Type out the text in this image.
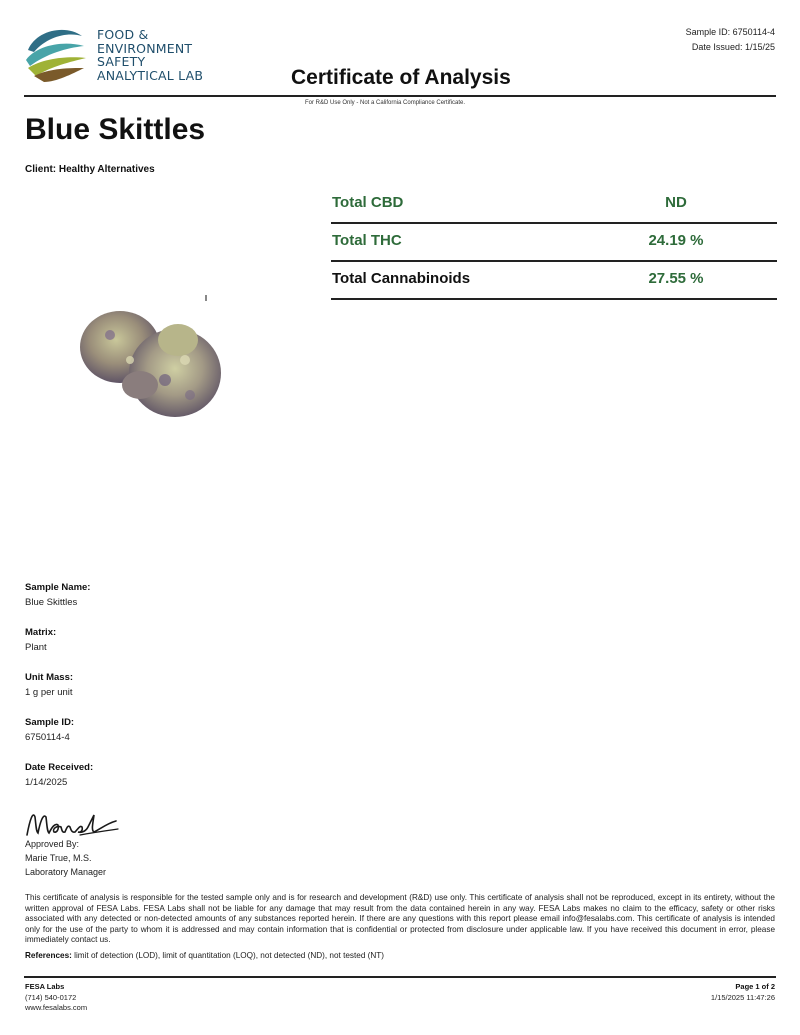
FOOD &
ENVIRONMENT
SAFETY
ANALYTICAL LAB
Sample ID: 6750114-4
Date Issued: 1/15/25
Certificate of Analysis
For R&D Use Only - Not a California Compliance Certificate.
Blue Skittles
Client: Healthy Alternatives
Total CBD	ND
Total THC	24.19 %
Total Cannabinoids	27.55 %
Sample Name:
Blue Skittles
Matrix:
Plant
Unit Mass:
1 g per unit
Sample ID:
6750114-4
Date Received:
1/14/2025
Approved By:
Marie True, M.S.
Laboratory Manager
This certificate of analysis is responsible for the tested sample only and is for research and development (R&D) use only. This certificate of analysis shall not be reproduced, except in its entirety, without the written approval of FESA Labs. FESA Labs shall not be liable for any damage that may result from the data contained herein in any way. FESA Labs makes no claim to the efficacy, safety or other risks associated with any detected or non-detected amounts of any substances reported herein. If there are any questions with this report please email info@fesalabs.com. This certificate of analysis is intended only for the use of the party to whom it is addressed and may contain information that is confidential or protected from disclosure under applicable law. If you have received this document in error, please immediately contact us.
References: limit of detection (LOD), limit of quantitation (LOQ), not detected (ND), not tested (NT)
FESA Labs
(714) 540-0172
www.fesalabs.com
Page 1 of 2
1/15/2025 11:47:26
